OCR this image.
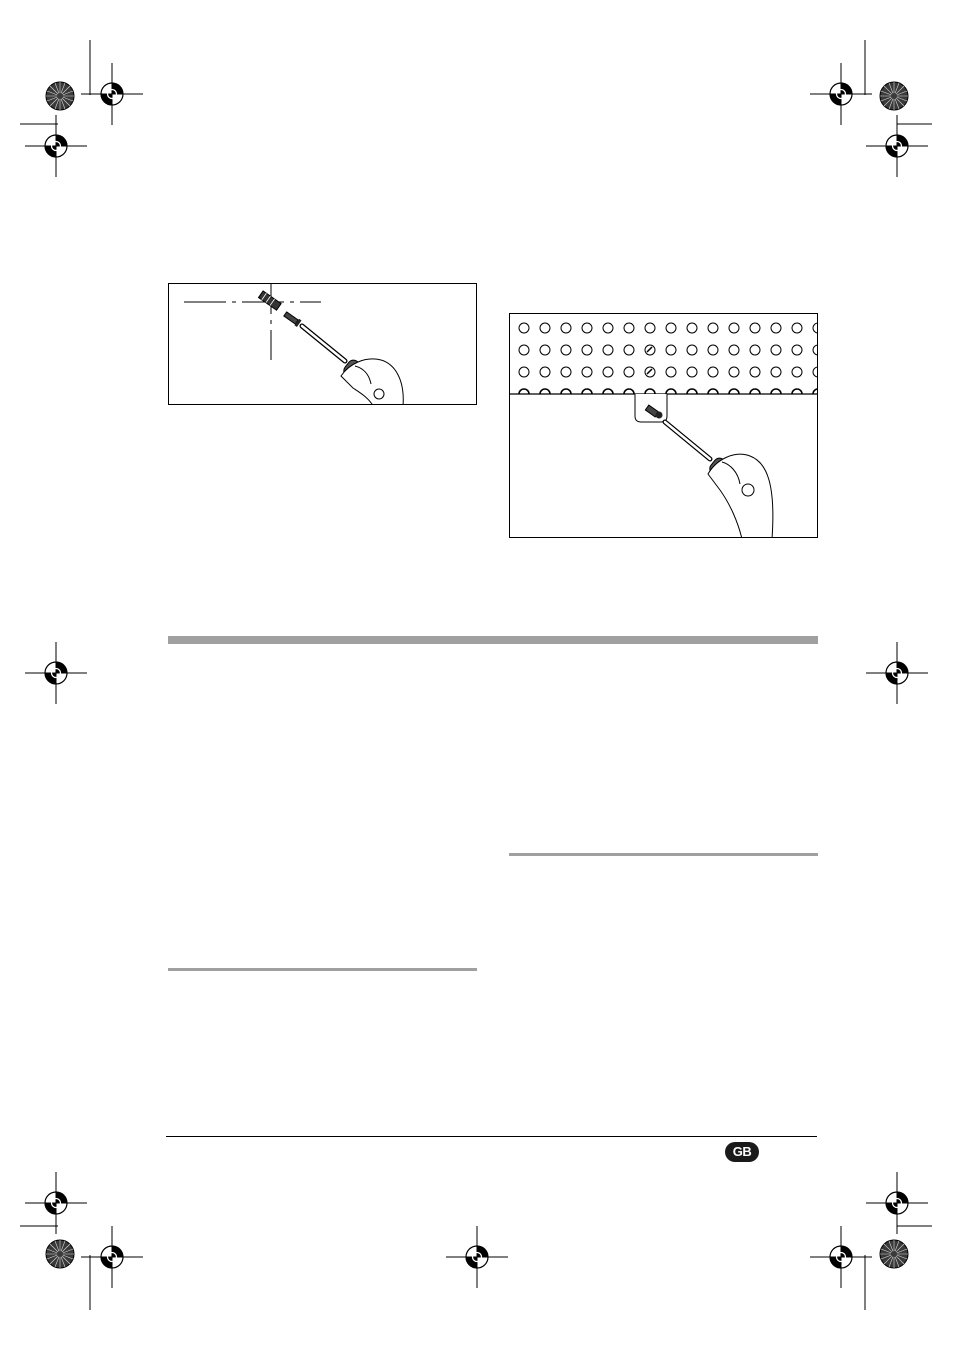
GB
